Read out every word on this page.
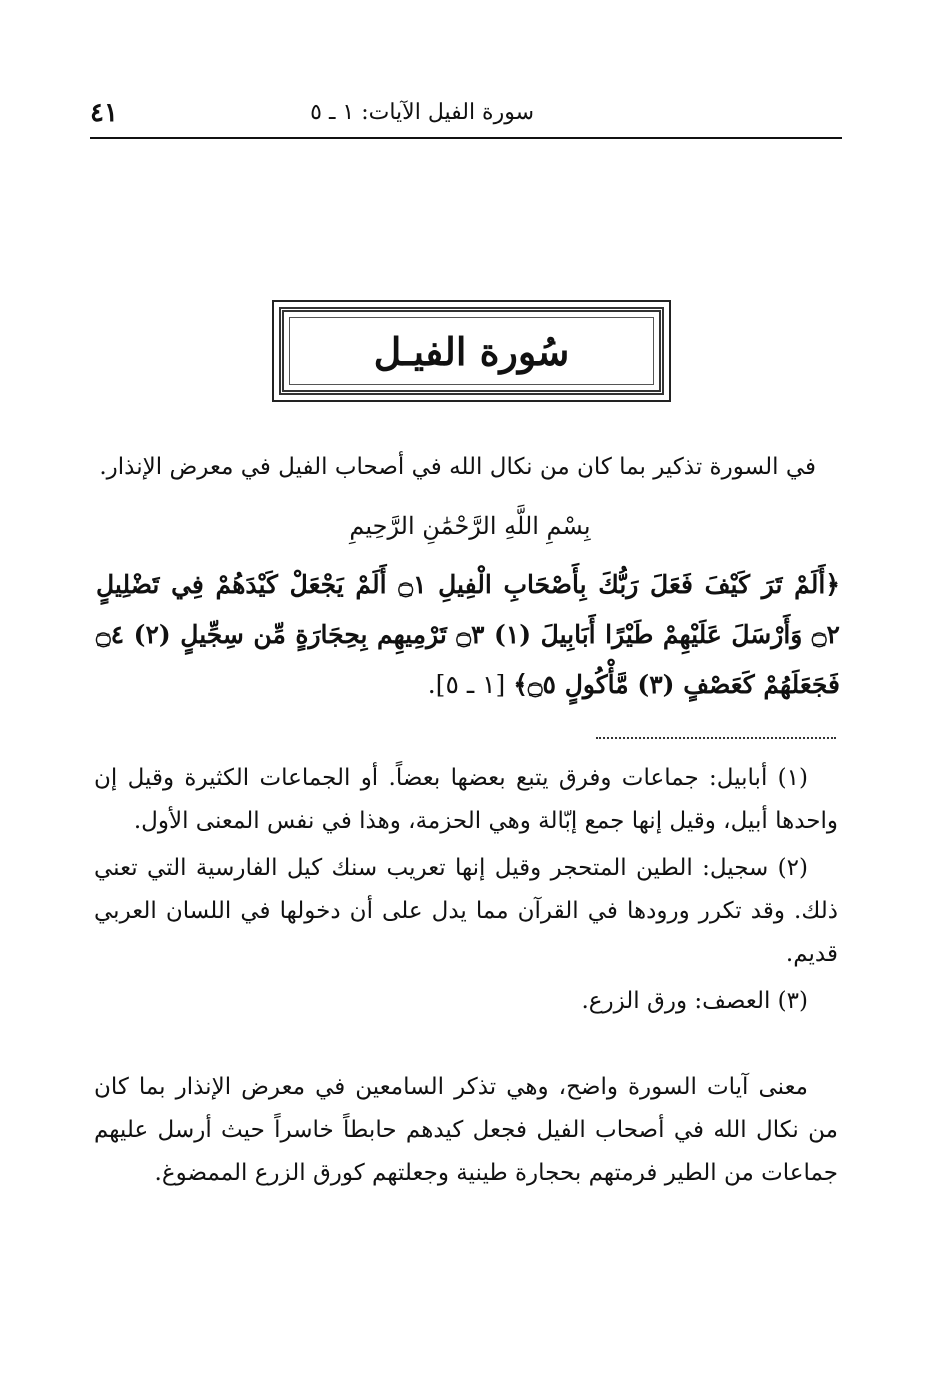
سورة الفيل الآيات: ١ ـ ٥
٤١
سُورة الفيـل
في السورة تذكير بما كان من نكال الله في أصحاب الفيل في معرض الإنذار.
بِسْمِ اللَّهِ الرَّحْمَٰنِ الرَّحِيمِ
﴿أَلَمْ تَرَ كَيْفَ فَعَلَ رَبُّكَ بِأَصْحَابِ الْفِيلِ ۝١ أَلَمْ يَجْعَلْ كَيْدَهُمْ فِي تَضْلِيلٍ ۝٢ وَأَرْسَلَ عَلَيْهِمْ طَيْرًا أَبَابِيلَ (١) ۝٣ تَرْمِيهِم بِحِجَارَةٍ مِّن سِجِّيلٍ (٢) ۝٤ فَجَعَلَهُمْ كَعَصْفٍ (٣) مَّأْكُولٍ ۝٥﴾ [١ ـ ٥].

(١) أبابيل: جماعات وفرق يتبع بعضها بعضاً. أو الجماعات الكثيرة وقيل إن واحدها أبيل، وقيل إنها جمع إبّالة وهي الحزمة، وهذا في نفس المعنى الأول.

(٢) سجيل: الطين المتحجر وقيل إنها تعريب سنك كيل الفارسية التي تعني ذلك. وقد تكرر ورودها في القرآن مما يدل على أن دخولها في اللسان العربي قديم.

(٣) العصف: ورق الزرع.

معنى آيات السورة واضح، وهي تذكر السامعين في معرض الإنذار بما كان من نكال الله في أصحاب الفيل فجعل كيدهم حابطاً خاسراً حيث أرسل عليهم جماعات من الطير فرمتهم بحجارة طينية وجعلتهم كورق الزرع الممضوغ.
